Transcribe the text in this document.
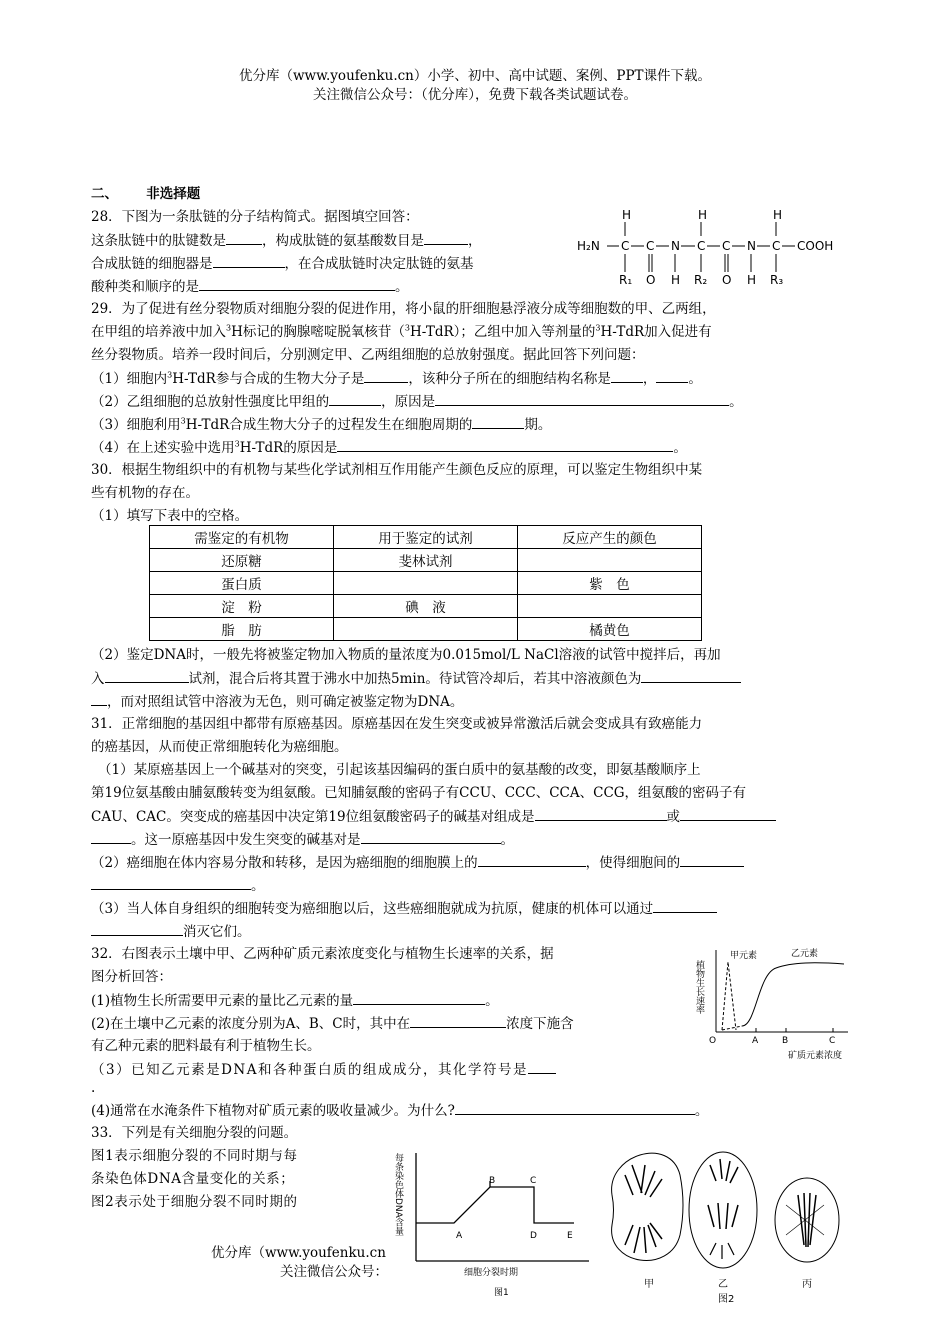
优分库（www.youfenku.cn）小学、初中、高中试题、案例、PPT课件下载。
关注微信公众号：（优分库），免费下载各类试题试卷。
二、      非选择题
28．下图为一条肽链的分子结构简式。据图填空回答：
这条肽链中的肽键数是	，构成肽链的氨基酸数目是	，
合成肽链的细胞器是	，在合成肽链时决定肽链的氨基
酸种类和顺序的是	。
H	H	H
H₂N C C N C C N C COOH
R₁ O H R₂ O H R₃
29．为了促进有丝分裂物质对细胞分裂的促进作用，将小鼠的肝细胞悬浮液分成等细胞数的甲、乙两组，
在甲组的培养液中加入$^3$H标记的胸腺嘧啶脱氧核苷（$^3$H-TdR）；乙组中加入等剂量的$^3$H-TdR加入促进有
丝分裂物质。培养一段时间后，分别测定甲、乙两组细胞的总放射强度。据此回答下列问题：
（1）细胞内$^3$H-TdR参与合成的生物大分子是	，该种分子所在的细胞结构名称是 ， 。
（2）乙组细胞的总放射性强度比甲组的	，原因是	。
（3）细胞利用$^3$H-TdR合成生物大分子的过程发生在细胞周期的	期。
（4）在上述实验中选用$^3$H-TdR的原因是	。
30．根据生物组织中的有机物与某些化学试剂相互作用能产生颜色反应的原理，可以鉴定生物组织中某
些有机物的存在。
（1）填写下表中的空格。
需鉴定的有机物	用于鉴定的试剂	反应产生的颜色
还原糖	斐林试剂	
蛋白质		紫　色
淀　粉	碘　液	
脂　肪		橘黄色
（2）鉴定DNA时，一般先将被鉴定物加入物质的量浓度为0.015mol/L NaCl溶液的试管中搅拌后，再加
入	试剂，混合后将其置于沸水中加热5min。待试管冷却后，若其中溶液颜色为
，而对照组试管中溶液为无色，则可确定被鉴定物为DNA。
31．正常细胞的基因组中都带有原癌基因。原癌基因在发生突变或被异常激活后就会变成具有致癌能力
的癌基因，从而使正常细胞转化为癌细胞。
（1）某原癌基因上一个碱基对的突变，引起该基因编码的蛋白质中的氨基酸的改变，即氨基酸顺序上
第19位氨基酸由脯氨酸转变为组氨酸。已知脯氨酸的密码子有CCU、CCC、CCA、CCG，组氨酸的密码子有
CAU、CAC。突变成的癌基因中决定第19位组氨酸密码子的碱基对组成是	或
。这一原癌基因中发生突变的碱基对是	。
（2）癌细胞在体内容易分散和转移，是因为癌细胞的细胞膜上的	，使得细胞间的
。
（3）当人体自身组织的细胞转变为癌细胞以后，这些癌细胞就成为抗原，健康的机体可以通过
消灭它们。
32．右图表示土壤中甲、乙两种矿质元素浓度变化与植物生长速率的关系，据
图分析回答：
(1)植物生长所需要甲元素的量比乙元素的量	。
(2)在土壤中乙元素的浓度分别为A、B、C时，其中在	浓度下施含
有乙种元素的肥料最有利于植物生长。
（3）已知乙元素是DNA和各种蛋白质的组成成分，其化学符号是
.
(4)通常在水淹条件下植物对矿质元素的吸收量减少。为什么?	。
植物生长速率
甲元素	乙元素
O	A	B	C
矿质元素浓度
33．下列是有关细胞分裂的问题。
图1表示细胞分裂的不同时期与每
条染色体DNA含量变化的关系；
图2表示处于细胞分裂不同时期的	每条染色体DNA含量
A
B	C
D	E
细胞分裂时期
图1
甲	乙	丙
图2
优分库（www.youfenku.cn
关注微信公众号：
